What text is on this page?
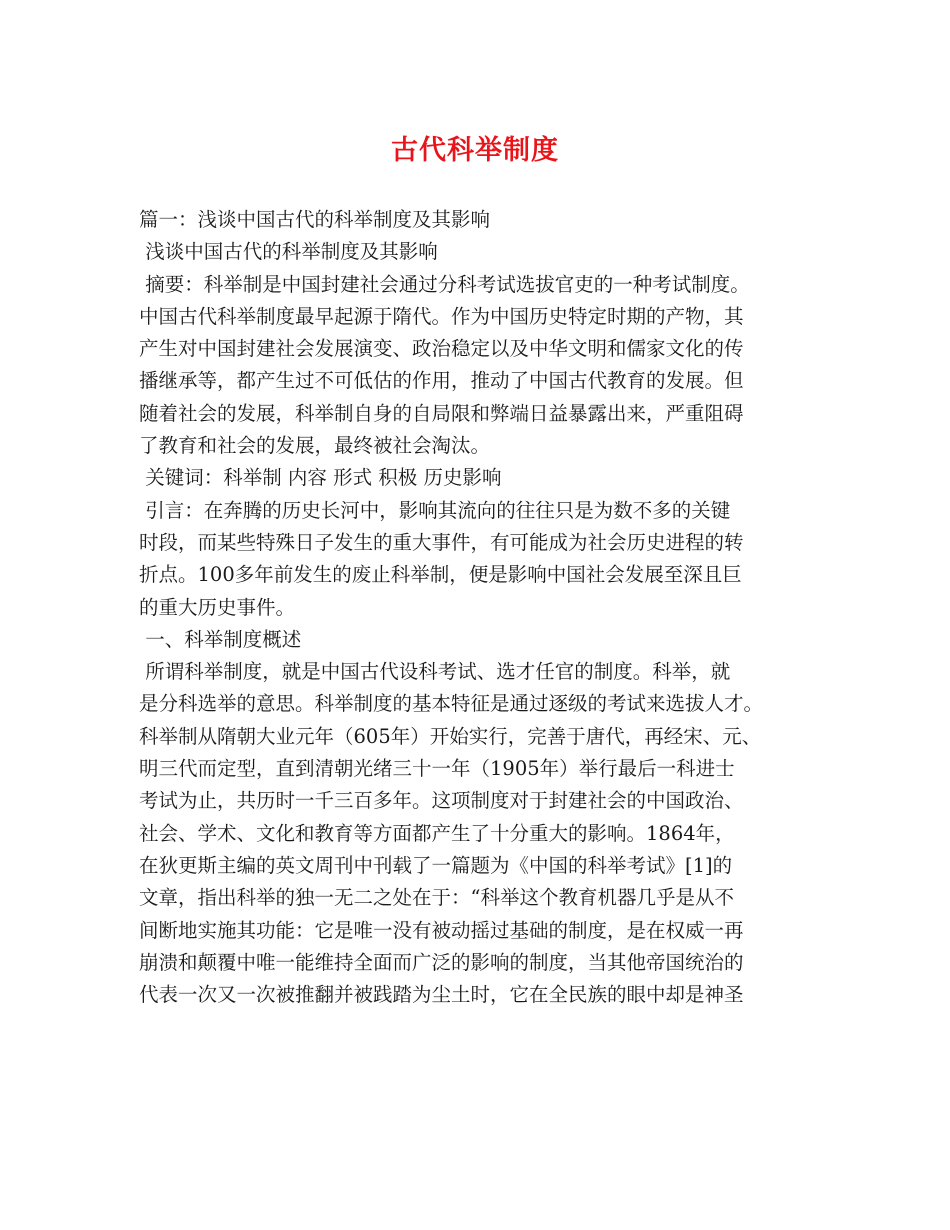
古代科举制度
篇一：浅谈中国古代的科举制度及其影响
浅谈中国古代的科举制度及其影响
摘要：科举制是中国封建社会通过分科考试选拔官吏的一种考试制度。
中国古代科举制度最早起源于隋代。作为中国历史特定时期的产物，其
产生对中国封建社会发展演变、政治稳定以及中华文明和儒家文化的传
播继承等，都产生过不可低估的作用，推动了中国古代教育的发展。但
随着社会的发展，科举制自身的自局限和弊端日益暴露出来，严重阻碍
了教育和社会的发展，最终被社会淘汰。
关键词：科举制 内容 形式 积极 历史影响
引言：在奔腾的历史长河中，影响其流向的往往只是为数不多的关键
时段，而某些特殊日子发生的重大事件，有可能成为社会历史进程的转
折点。100多年前发生的废止科举制，便是影响中国社会发展至深且巨
的重大历史事件。
一、科举制度概述
所谓科举制度，就是中国古代设科考试、选才任官的制度。科举，就
是分科选举的意思。科举制度的基本特征是通过逐级的考试来选拔人才。
科举制从隋朝大业元年（605年）开始实行，完善于唐代，再经宋、元、
明三代而定型，直到清朝光绪三十一年（1905年）举行最后一科进士
考试为止，共历时一千三百多年。这项制度对于封建社会的中国政治、
社会、学术、文化和教育等方面都产生了十分重大的影响。1864年，
在狄更斯主编的英文周刊中刊载了一篇题为《中国的科举考试》[1]的
文章，指出科举的独一无二之处在于：“科举这个教育机器几乎是从不
间断地实施其功能：它是唯一没有被动摇过基础的制度，是在权威一再
崩溃和颠覆中唯一能维持全面而广泛的影响的制度，当其他帝国统治的
代表一次又一次被推翻并被践踏为尘土时，它在全民族的眼中却是神圣
